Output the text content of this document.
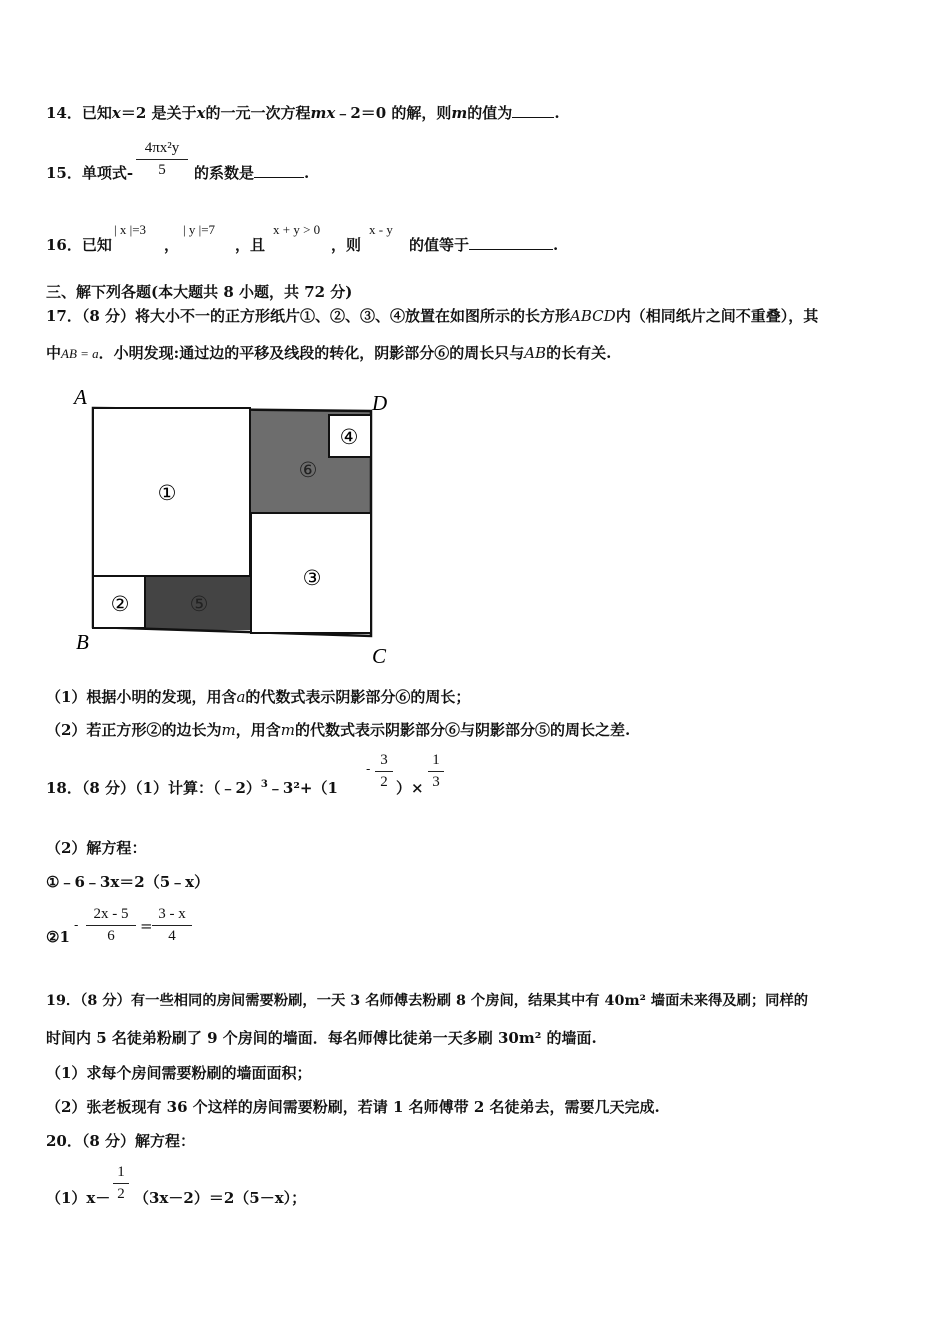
14．已知x＝2 是关于x的一元一次方程mx﹣2＝0 的解，则m的值为	.
15．单项式-
4πx²y
5	的系数是	.
16．已知
| x |=3
，
| y |=7
，且
x + y > 0
，则
x - y
的值等于	.
三、解下列各题(本大题共 8 小题，共 72 分)
17．（8 分）将大小不一的正方形纸片①、②、③、④放置在如图所示的长方形ABCD内（相同纸片之间不重叠），其
中AB = a．小明发现:通过边的平移及线段的转化，阴影部分⑥的周长只与AB的长有关.
①
②
③
④
⑤
⑥
A	D
B
C
（1）根据小明的发现，用含a的代数式表示阴影部分⑥的周长；
（2）若正方形②的边长为m，用含m的代数式表示阴影部分⑥与阴影部分⑤的周长之差.
18．（8 分）（1）计算：（﹣2）$^3$﹣3²+（1
-
3
2 ）×
1
3
（2）解方程：
①﹣6﹣3x＝2（5﹣x）
②1
-
2x - 5
6
=
3 - x
4
19．（8 分）有一些相同的房间需要粉刷，一天 3 名师傅去粉刷 8 个房间，结果其中有 40m² 墙面未来得及刷；同样的
时间内 5 名徒弟粉刷了 9 个房间的墙面．每名师傅比徒弟一天多刷 30m² 的墙面.
（1）求每个房间需要粉刷的墙面面积；
（2）张老板现有 36 个这样的房间需要粉刷，若请 1 名师傅带 2 名徒弟去，需要几天完成.
20．（8 分）解方程：
（1）x－
1
2 （3x－2）＝2（5－x）；
